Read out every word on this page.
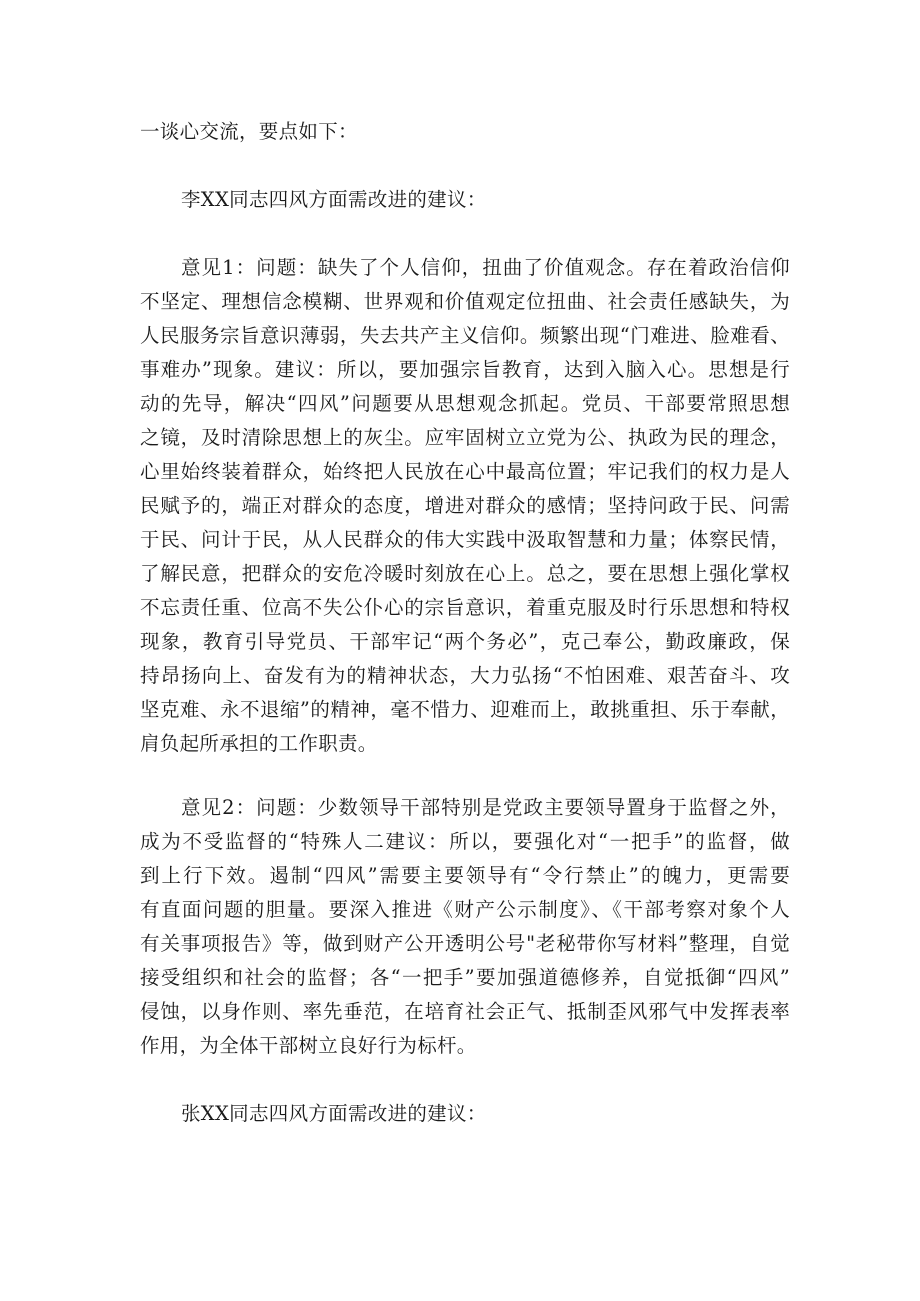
一谈心交流，要点如下：
李XX同志四风方面需改进的建议：
意见1：问题：缺失了个人信仰，扭曲了价值观念。存在着政治信仰
不坚定、理想信念模糊、世界观和价值观定位扭曲、社会责任感缺失，为
人民服务宗旨意识薄弱，失去共产主义信仰。频繁出现“门难进、脸难看、
事难办”现象。建议：所以，要加强宗旨教育，达到入脑入心。思想是行
动的先导，解决“四风”问题要从思想观念抓起。党员、干部要常照思想
之镜，及时清除思想上的灰尘。应牢固树立立党为公、执政为民的理念，
心里始终装着群众，始终把人民放在心中最高位置；牢记我们的权力是人
民赋予的，端正对群众的态度，增进对群众的感情；坚持问政于民、问需
于民、问计于民，从人民群众的伟大实践中汲取智慧和力量；体察民情，
了解民意，把群众的安危冷暖时刻放在心上。总之，要在思想上强化掌权
不忘责任重、位高不失公仆心的宗旨意识，着重克服及时行乐思想和特权
现象，教育引导党员、干部牢记“两个务必”，克己奉公，勤政廉政，保
持昂扬向上、奋发有为的精神状态，大力弘扬“不怕困难、艰苦奋斗、攻
坚克难、永不退缩”的精神，毫不惜力、迎难而上，敢挑重担、乐于奉献，
肩负起所承担的工作职责。
意见2：问题：少数领导干部特别是党政主要领导置身于监督之外，
成为不受监督的“特殊人二建议：所以，要强化对“一把手”的监督，做
到上行下效。遏制“四风”需要主要领导有“令行禁止”的魄力，更需要
有直面问题的胆量。要深入推进《财产公示制度》、《干部考察对象个人
有关事项报告》等，做到财产公开透明公号"老秘带你写材料”整理，自觉
接受组织和社会的监督；各“一把手”要加强道德修养，自觉抵御“四风”
侵蚀，以身作则、率先垂范，在培育社会正气、抵制歪风邪气中发挥表率
作用，为全体干部树立良好行为标杆。
张XX同志四风方面需改进的建议：
